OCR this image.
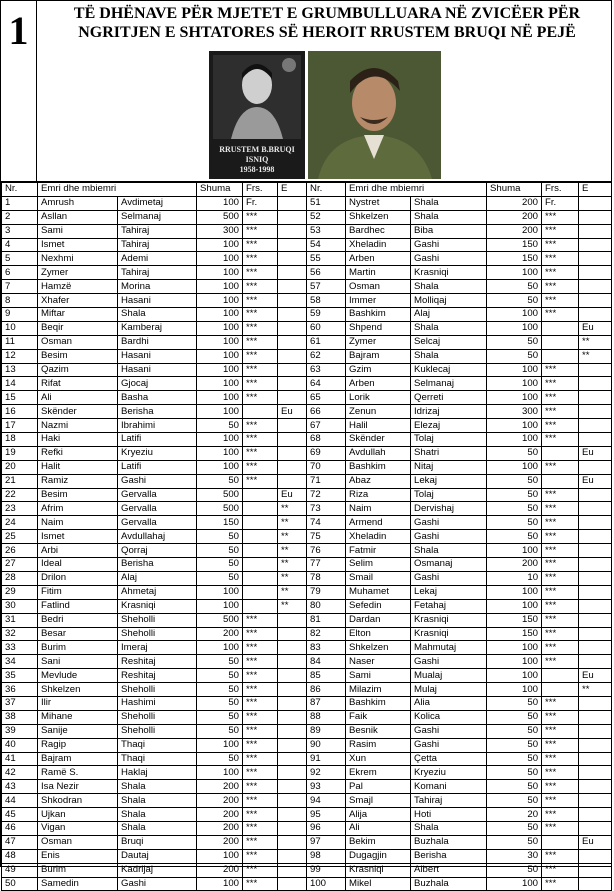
1	TË DHËNAVE PËR MJETET E GRUMBULLUARA NË ZVICËER PËR NGRITJEN E SHTATORES SË HEROIT RRUSTEM BRUQI NË PEJË
RRUSTEM B.BRUQI
ISNIQ
1958-1998
Nr.	Emri dhe mbiemri		Shuma	Frs.	E	Nr.	Emri dhe mbiemri		Shuma	Frs.	E
1	Amrush	Avdimetaj	100	Fr.		51	Nystret	Shala	200	Fr.	
2	Asllan	Selmanaj	500	***		52	Shkelzen	Shala	200	***	
3	Sami	Tahiraj	300	***		53	Bardhec	Biba	200	***	
4	Ismet	Tahiraj	100	***		54	Xheladin	Gashi	150	***	
5	Nexhmi	Ademi	100	***		55	Arben	Gashi	150	***	
6	Zymer	Tahiraj	100	***		56	Martin	Krasniqi	100	***	
7	Hamzë	Morina	100	***		57	Osman	Shala	50	***	
8	Xhafer	Hasani	100	***		58	Immer	Molliqaj	50	***	
9	Miftar	Shala	100	***		59	Bashkim	Alaj	100	***	
10	Beqir	Kamberaj	100	***		60	Shpend	Shala	100		Eu
11	Osman	Bardhi	100	***		61	Zymer	Selcaj	50		**
12	Besim	Hasani	100	***		62	Bajram	Shala	50		**
13	Qazim	Hasani	100	***		63	Gzim	Kuklecaj	100	***	
14	Rifat	Gjocaj	100	***		64	Arben	Selmanaj	100	***	
15	Ali	Basha	100	***		65	Lorik	Qerreti	100	***	
16	Skënder	Berisha	100		Eu	66	Zenun	Idrizaj	300	***	
17	Nazmi	Ibrahimi	50	***		67	Halil	Elezaj	100	***	
18	Haki	Latifi	100	***		68	Skënder	Tolaj	100	***	
19	Refki	Kryeziu	100	***		69	Avdullah	Shatri	50		Eu
20	Halit	Latifi	100	***		70	Bashkim	Nitaj	100	***	
21	Ramiz	Gashi	50	***		71	Abaz	Lekaj	50		Eu
22	Besim	Gervalla	500		Eu	72	Riza	Tolaj	50	***	
23	Afrim	Gervalla	500		**	73	Naim	Dervishaj	50	***	
24	Naim	Gervalla	150		**	74	Armend	Gashi	50	***	
25	Ismet	Avdullahaj	50		**	75	Xheladin	Gashi	50	***	
26	Arbi	Qorraj	50		**	76	Fatmir	Shala	100	***	
27	Ideal	Berisha	50		**	77	Selim	Osmanaj	200	***	
28	Drilon	Alaj	50		**	78	Smail	Gashi	10	***	
29	Fitim	Ahmetaj	100		**	79	Muhamet	Lekaj	100	***	
30	Fatlind	Krasniqi	100		**	80	Sefedin	Fetahaj	100	***	
31	Bedri	Sheholli	500	***		81	Dardan	Krasniqi	150	***	
32	Besar	Sheholli	200	***		82	Elton	Krasniqi	150	***	
33	Burim	Imeraj	100	***		83	Shkelzen	Mahmutaj	100	***	
34	Sani	Reshitaj	50	***		84	Naser	Gashi	100	***	
35	Mevlude	Reshitaj	50	***		85	Sami	Mualaj	100		Eu
36	Shkelzen	Sheholli	50	***		86	Milazim	Mulaj	100		**
37	Ilir	Hashimi	50	***		87	Bashkim	Alia	50	***	
38	Mihane	Sheholli	50	***		88	Faik	Kolica	50	***	
39	Sanije	Sheholli	50	***		89	Besnik	Gashi	50	***	
40	Ragip	Thaqi	100	***		90	Rasim	Gashi	50	***	
41	Bajram	Thaqi	50	***		91	Xun	Çetta	50	***	
42	Ramë S.	Haklaj	100	***		92	Ekrem	Kryeziu	50	***	
43	Isa Nezir	Shala	200	***		93	Pal	Komani	50	***	
44	Shkodran	Shala	200	***		94	Smajl	Tahiraj	50	***	
45	Ujkan	Shala	200	***		95	Alija	Hoti	20	***	
46	Vigan	Shala	200	***		96	Ali	Shala	50	***	
47	Osman	Bruqi	200	***		97	Bekim	Buzhala	50		Eu
48	Enis	Dautaj	100	***		98	Dugagjin	Berisha	30	***	
49	Burim	Kadrijaj	200	***		99	Krasniqi	Albert	50	***	
50	Samedin	Gashi	100	***		100	Mikel	Buzhala	100	***	
